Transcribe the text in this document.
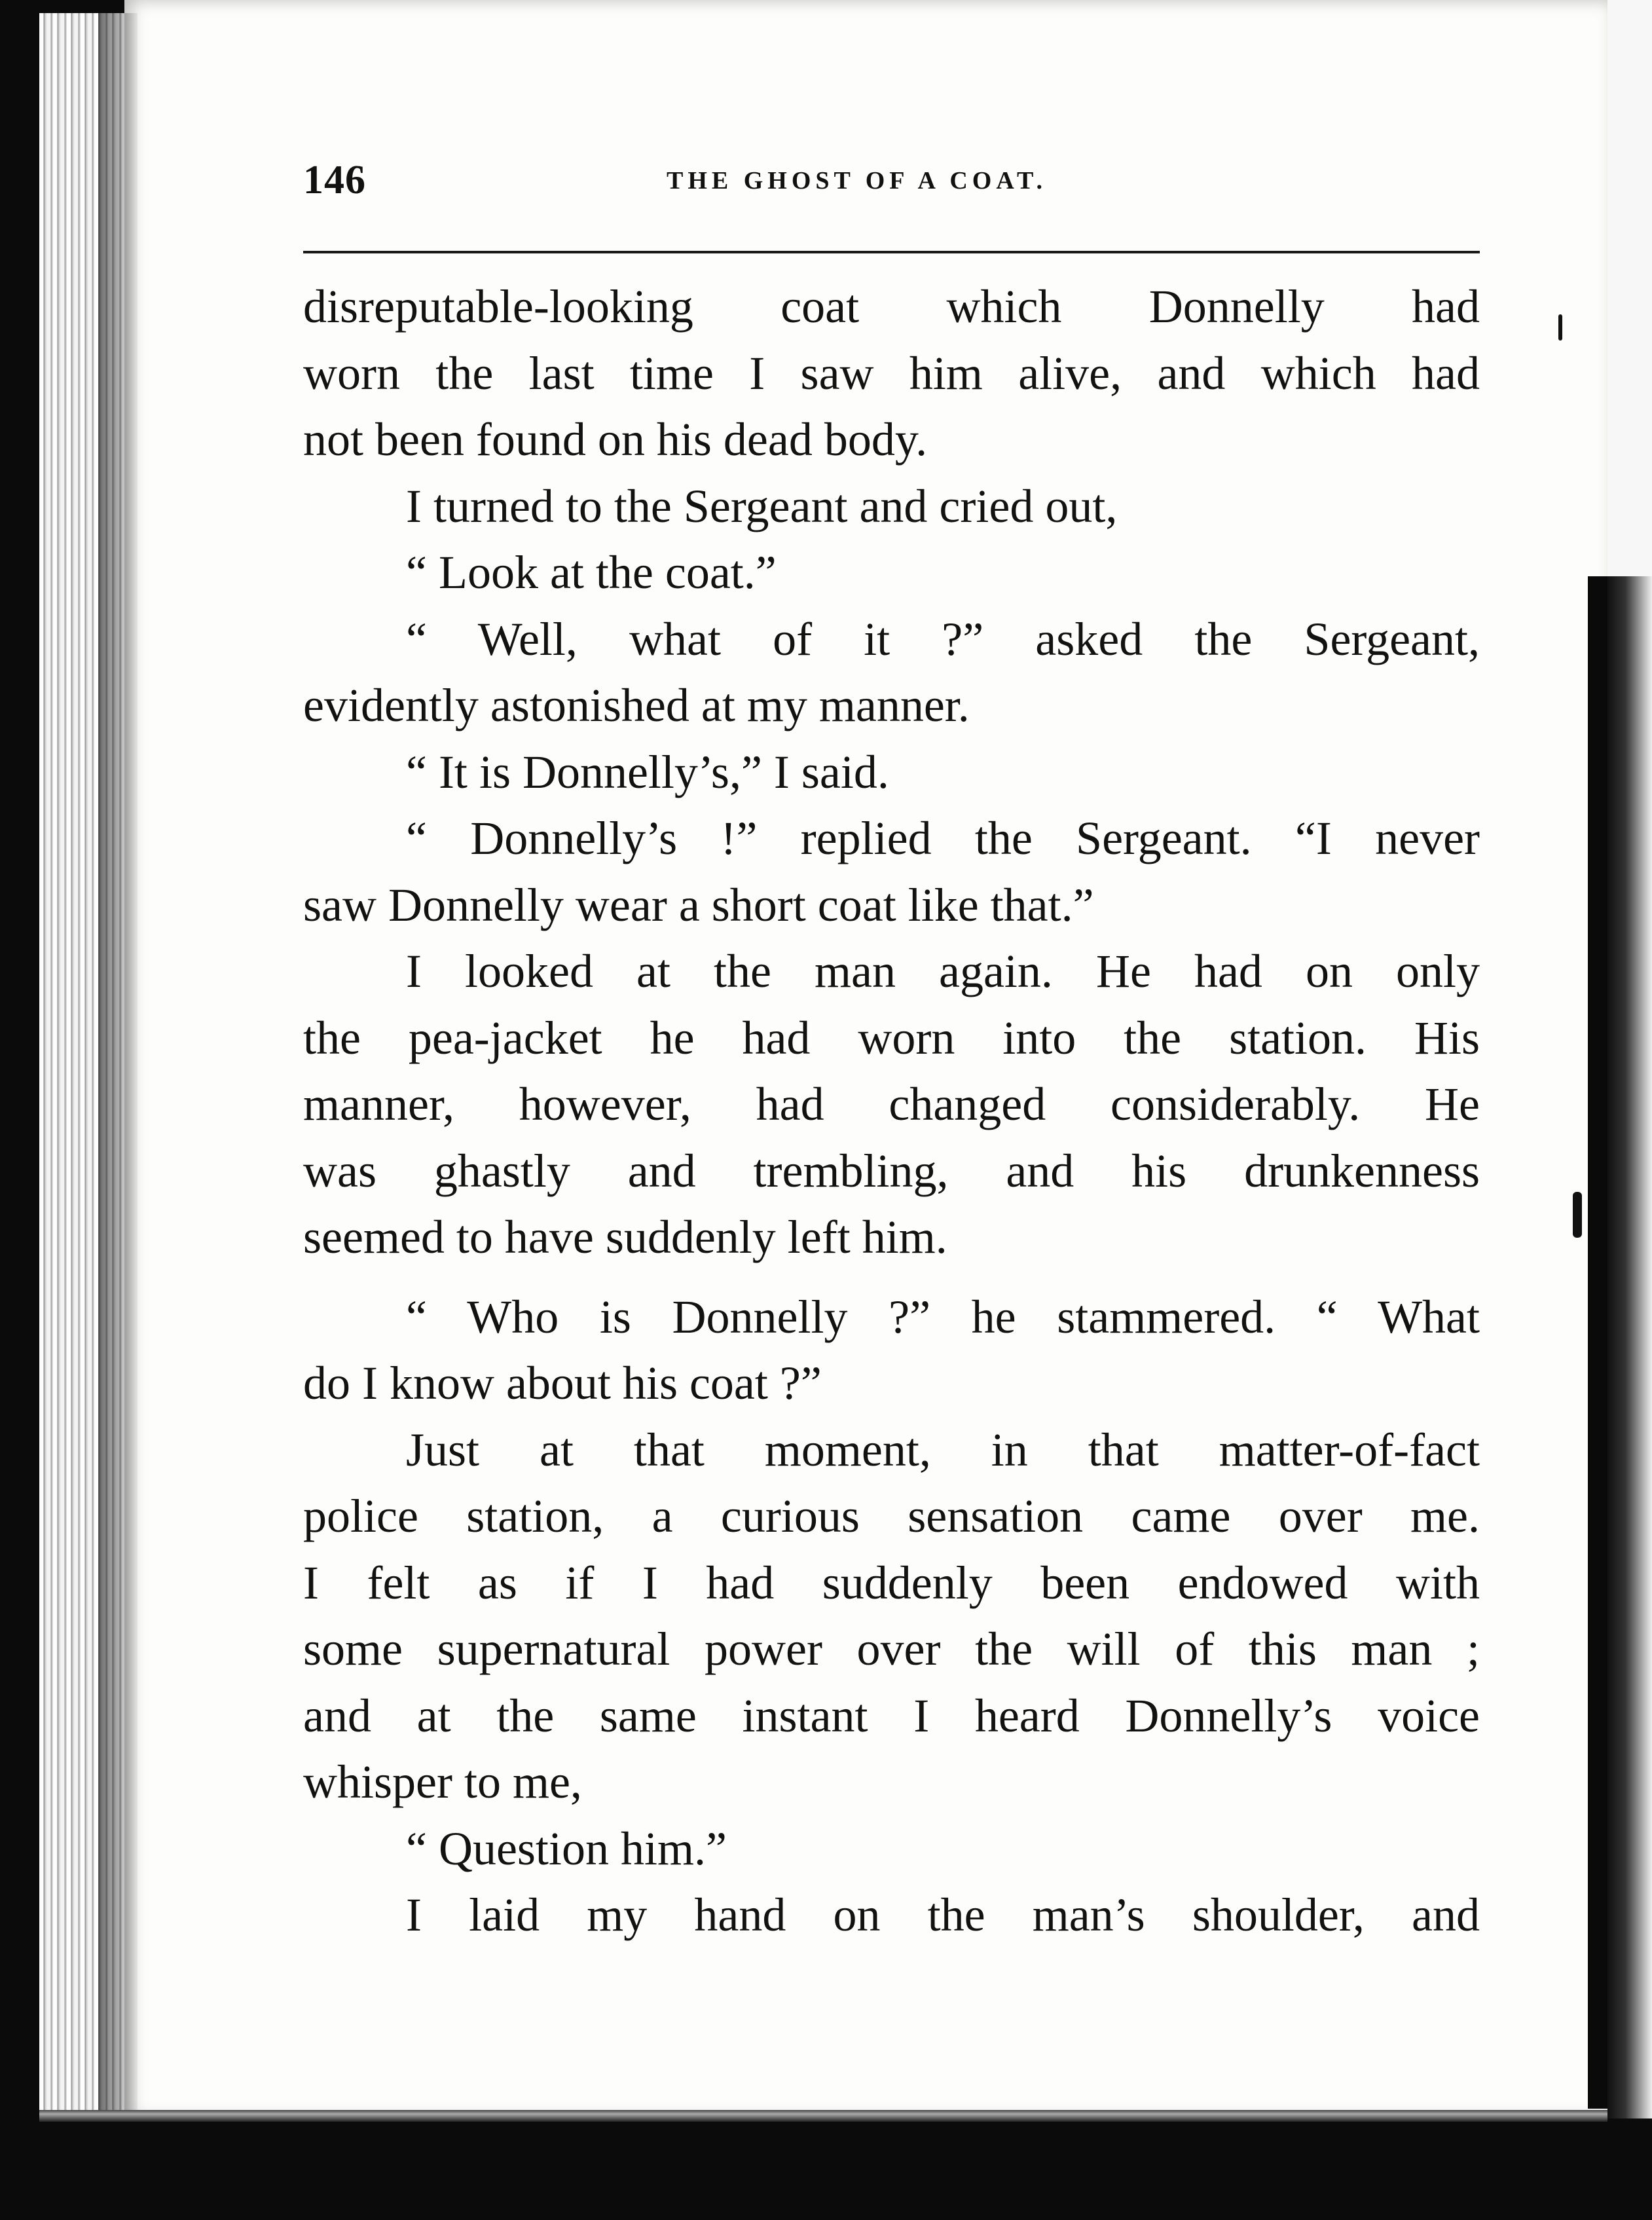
146	THE GHOST OF A COAT.
disreputable-looking coat which Donnelly had
worn the last time I saw him alive, and which had
not been found on his dead body.
I turned to the Sergeant and cried out,
“ Look at the coat.”
“ Well, what of it ?” asked the Sergeant,
evidently astonished at my manner.
“ It is Donnelly’s,” I said.
“ Donnelly’s !” replied the Sergeant. “I never
saw Donnelly wear a short coat like that.”
I looked at the man again. He had on only
the pea-jacket he had worn into the station. His
manner, however, had changed considerably. He
was ghastly and trembling, and his drunkenness
seemed to have suddenly left him.
“ Who is Donnelly ?” he stammered. “ What
do I know about his coat ?”
Just at that moment, in that matter-of-fact
police station, a curious sensation came over me.
I felt as if I had suddenly been endowed with
some supernatural power over the will of this man ;
and at the same instant I heard Donnelly’s voice
whisper to me,
“ Question him.”
I laid my hand on the man’s shoulder, and
